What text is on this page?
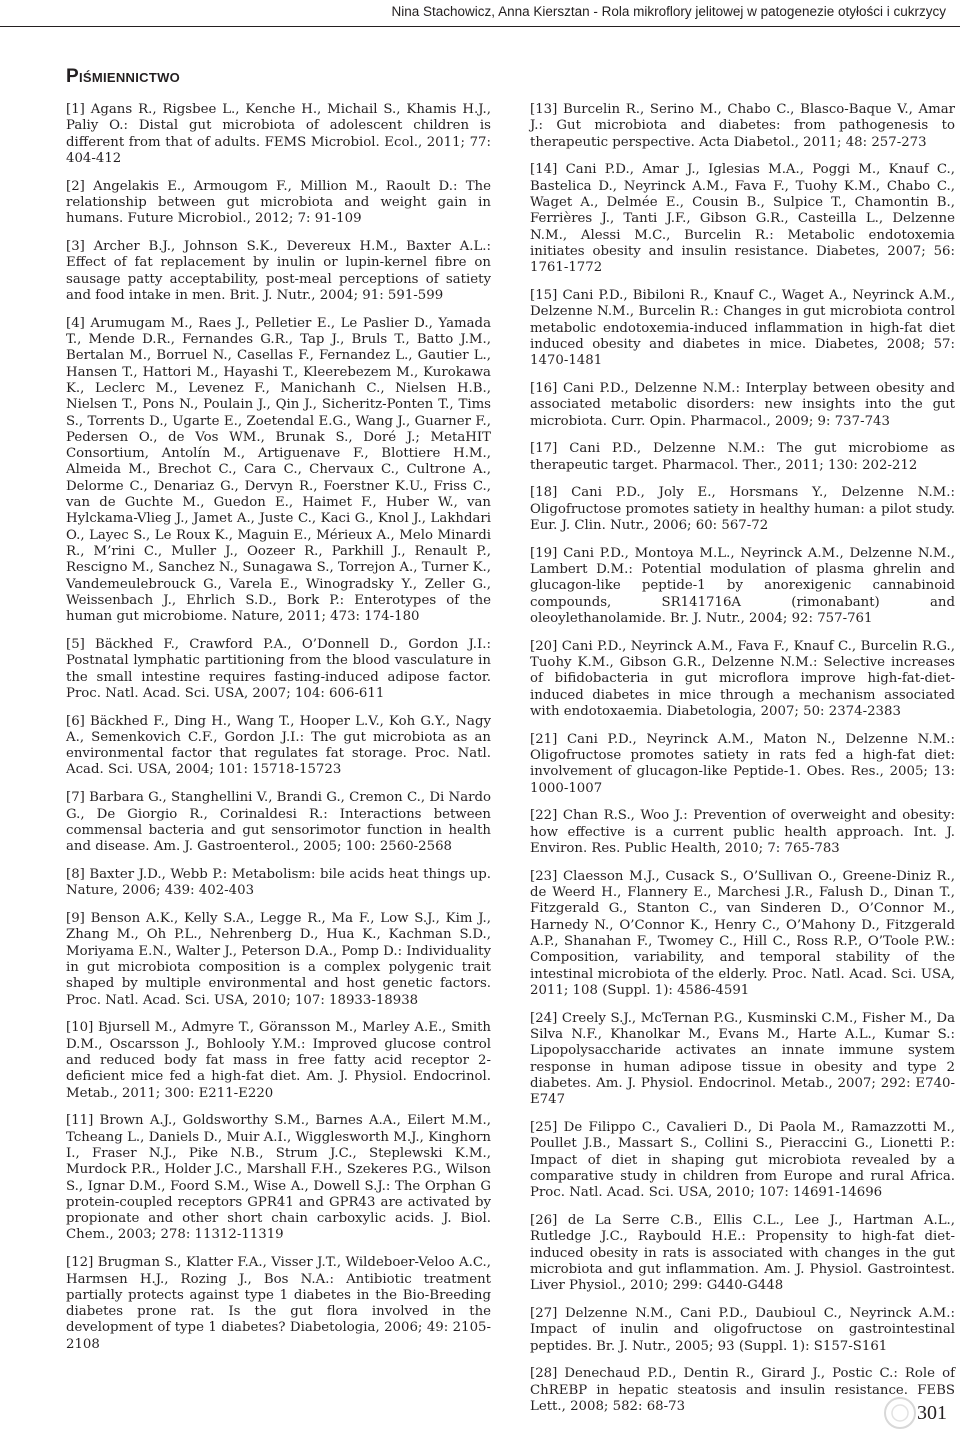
Nina Stachowicz, Anna Kiersztan - Rola mikroflory jelitowej w patogenezie otyłości i cukrzycy
Piśmiennictwo

[1] Agans R., Rigsbee L., Kenche H., Michail S., Khamis H.J., Paliy O.: Distal gut microbiota of adolescent children is different from that of adults. FEMS Microbiol. Ecol., 2011; 77: 404-412

[2] Angelakis E., Armougom F., Million M., Raoult D.: The relationship between gut microbiota and weight gain in humans. Future Microbiol., 2012; 7: 91-109

[3] Archer B.J., Johnson S.K., Devereux H.M., Baxter A.L.: Effect of fat replacement by inulin or lupin-kernel fibre on sausage patty acceptability, post-meal perceptions of satiety and food intake in men. Brit. J. Nutr., 2004; 91: 591-599

[4] Arumugam M., Raes J., Pelletier E., Le Paslier D., Yamada T., Mende D.R., Fernandes G.R., Tap J., Bruls T., Batto J.M., Bertalan M., Borruel N., Casellas F., Fernandez L., Gautier L., Hansen T., Hattori M., Hayashi T., Kleerebezem M., Kurokawa K., Leclerc M., Levenez F., Manichanh C., Nielsen H.B., Nielsen T., Pons N., Poulain J., Qin J., Sicheritz-Ponten T., Tims S., Torrents D., Ugarte E., Zoetendal E.G., Wang J., Guarner F., Pedersen O., de Vos WM., Brunak S., Doré J.; MetaHIT Consortium, Antolín M., Artiguenave F., Blottiere H.M., Almeida M., Brechot C., Cara C., Chervaux C., Cultrone A., Delorme C., Denariaz G., Dervyn R., Foerstner K.U., Friss C., van de Guchte M., Guedon E., Haimet F., Huber W., van Hylckama-Vlieg J., Jamet A., Juste C., Kaci G., Knol J., Lakhdari O., Layec S., Le Roux K., Maguin E., Mérieux A., Melo Minardi R., M’rini C., Muller J., Oozeer R., Parkhill J., Renault P., Rescigno M., Sanchez N., Sunagawa S., Torrejon A., Turner K., Vandemeulebrouck G., Varela E., Winogradsky Y., Zeller G., Weissenbach J., Ehrlich S.D., Bork P.: Enterotypes of the human gut microbiome. Nature, 2011; 473: 174-180

[5] Bäckhed F., Crawford P.A., O’Donnell D., Gordon J.I.: Postnatal lymphatic partitioning from the blood vasculature in the small intestine requires fasting-induced adipose factor. Proc. Natl. Acad. Sci. USA, 2007; 104: 606-611

[6] Bäckhed F., Ding H., Wang T., Hooper L.V., Koh G.Y., Nagy A., Semenkovich C.F., Gordon J.I.: The gut microbiota as an environmental factor that regulates fat storage. Proc. Natl. Acad. Sci. USA, 2004; 101: 15718-15723

[7] Barbara G., Stanghellini V., Brandi G., Cremon C., Di Nardo G., De Giorgio R., Corinaldesi R.: Interactions between commensal bacteria and gut sensorimotor function in health and disease. Am. J. Gastroenterol., 2005; 100: 2560-2568

[8] Baxter J.D., Webb P.: Metabolism: bile acids heat things up. Nature, 2006; 439: 402-403

[9] Benson A.K., Kelly S.A., Legge R., Ma F., Low S.J., Kim J., Zhang M., Oh P.L., Nehrenberg D., Hua K., Kachman S.D., Moriyama E.N., Walter J., Peterson D.A., Pomp D.: Individuality in gut microbiota composition is a complex polygenic trait shaped by multiple environmental and host genetic factors. Proc. Natl. Acad. Sci. USA, 2010; 107: 18933-18938

[10] Bjursell M., Admyre T., Göransson M., Marley A.E., Smith D.M., Oscarsson J., Bohlooly Y.M.: Improved glucose control and reduced body fat mass in free fatty acid receptor 2-deficient mice fed a high-fat diet. Am. J. Physiol. Endocrinol. Metab., 2011; 300: E211-E220

[11] Brown A.J., Goldsworthy S.M., Barnes A.A., Eilert M.M., Tcheang L., Daniels D., Muir A.I., Wigglesworth M.J., Kinghorn I., Fraser N.J., Pike N.B., Strum J.C., Steplewski K.M., Murdock P.R., Holder J.C., Marshall F.H., Szekeres P.G., Wilson S., Ignar D.M., Foord S.M., Wise A., Dowell S.J.: The Orphan G protein-coupled receptors GPR41 and GPR43 are activated by propionate and other short chain carboxylic acids. J. Biol. Chem., 2003; 278: 11312-11319

[12] Brugman S., Klatter F.A., Visser J.T., Wildeboer-Veloo A.C., Harmsen H.J., Rozing J., Bos N.A.: Antibiotic treatment partially protects against type 1 diabetes in the Bio-Breeding diabetes prone rat. Is the gut flora involved in the development of type 1 diabetes? Diabetologia, 2006; 49: 2105-2108

[13] Burcelin R., Serino M., Chabo C., Blasco-Baque V., Amar J.: Gut microbiota and diabetes: from pathogenesis to therapeutic perspective. Acta Diabetol., 2011; 48: 257-273

[14] Cani P.D., Amar J., Iglesias M.A., Poggi M., Knauf C., Bastelica D., Neyrinck A.M., Fava F., Tuohy K.M., Chabo C., Waget A., Delmée E., Cousin B., Sulpice T., Chamontin B., Ferrières J., Tanti J.F., Gibson G.R., Casteilla L., Delzenne N.M., Alessi M.C., Burcelin R.: Metabolic endotoxemia initiates obesity and insulin resistance. Diabetes, 2007; 56: 1761-1772

[15] Cani P.D., Bibiloni R., Knauf C., Waget A., Neyrinck A.M., Delzenne N.M., Burcelin R.: Changes in gut microbiota control metabolic endotoxemia-induced inflammation in high-fat diet induced obesity and diabetes in mice. Diabetes, 2008; 57: 1470-1481

[16] Cani P.D., Delzenne N.M.: Interplay between obesity and associated metabolic disorders: new insights into the gut microbiota. Curr. Opin. Pharmacol., 2009; 9: 737-743

[17] Cani P.D., Delzenne N.M.: The gut microbiome as therapeutic target. Pharmacol. Ther., 2011; 130: 202-212

[18] Cani P.D., Joly E., Horsmans Y., Delzenne N.M.: Oligofructose promotes satiety in healthy human: a pilot study. Eur. J. Clin. Nutr., 2006; 60: 567-72

[19] Cani P.D., Montoya M.L., Neyrinck A.M., Delzenne N.M., Lambert D.M.: Potential modulation of plasma ghrelin and glucagon-like peptide-1 by anorexigenic cannabinoid compounds, SR141716A (rimonabant) and oleoylethanolamide. Br. J. Nutr., 2004; 92: 757-761

[20] Cani P.D., Neyrinck A.M., Fava F., Knauf C., Burcelin R.G., Tuohy K.M., Gibson G.R., Delzenne N.M.: Selective increases of bifidobacteria in gut microflora improve high-fat-diet-induced diabetes in mice through a mechanism associated with endotoxaemia. Diabetologia, 2007; 50: 2374-2383

[21] Cani P.D., Neyrinck A.M., Maton N., Delzenne N.M.: Oligofructose promotes satiety in rats fed a high-fat diet: involvement of glucagon-like Peptide-1. Obes. Res., 2005; 13: 1000-1007

[22] Chan R.S., Woo J.: Prevention of overweight and obesity: how effective is a current public health approach. Int. J. Environ. Res. Public Health, 2010; 7: 765-783

[23] Claesson M.J., Cusack S., O’Sullivan O., Greene-Diniz R., de Weerd H., Flannery E., Marchesi J.R., Falush D., Dinan T., Fitzgerald G., Stanton C., van Sinderen D., O’Connor M., Harnedy N., O’Connor K., Henry C., O’Mahony D., Fitzgerald A.P., Shanahan F., Twomey C., Hill C., Ross R.P., O’Toole P.W.: Composition, variability, and temporal stability of the intestinal microbiota of the elderly. Proc. Natl. Acad. Sci. USA, 2011; 108 (Suppl. 1): 4586-4591

[24] Creely S.J., McTernan P.G., Kusminski C.M., Fisher M., Da Silva N.F., Khanolkar M., Evans M., Harte A.L., Kumar S.: Lipopolysaccharide activates an innate immune system response in human adipose tissue in obesity and type 2 diabetes. Am. J. Physiol. Endocrinol. Metab., 2007; 292: E740-E747

[25] De Filippo C., Cavalieri D., Di Paola M., Ramazzotti M., Poullet J.B., Massart S., Collini S., Pieraccini G., Lionetti P.: Impact of diet in shaping gut microbiota revealed by a comparative study in children from Europe and rural Africa. Proc. Natl. Acad. Sci. USA, 2010; 107: 14691-14696

[26] de La Serre C.B., Ellis C.L., Lee J., Hartman A.L., Rutledge J.C., Raybould H.E.: Propensity to high-fat diet-induced obesity in rats is associated with changes in the gut microbiota and gut inflammation. Am. J. Physiol. Gastrointest. Liver Physiol., 2010; 299: G440-G448

[27] Delzenne N.M., Cani P.D., Daubioul C., Neyrinck A.M.: Impact of inulin and oligofructose on gastrointestinal peptides. Br. J. Nutr., 2005; 93 (Suppl. 1): S157-S161

[28] Denechaud P.D., Dentin R., Girard J., Postic C.: Role of ChREBP in hepatic steatosis and insulin resistance. FEBS Lett., 2008; 582: 68-73	301
